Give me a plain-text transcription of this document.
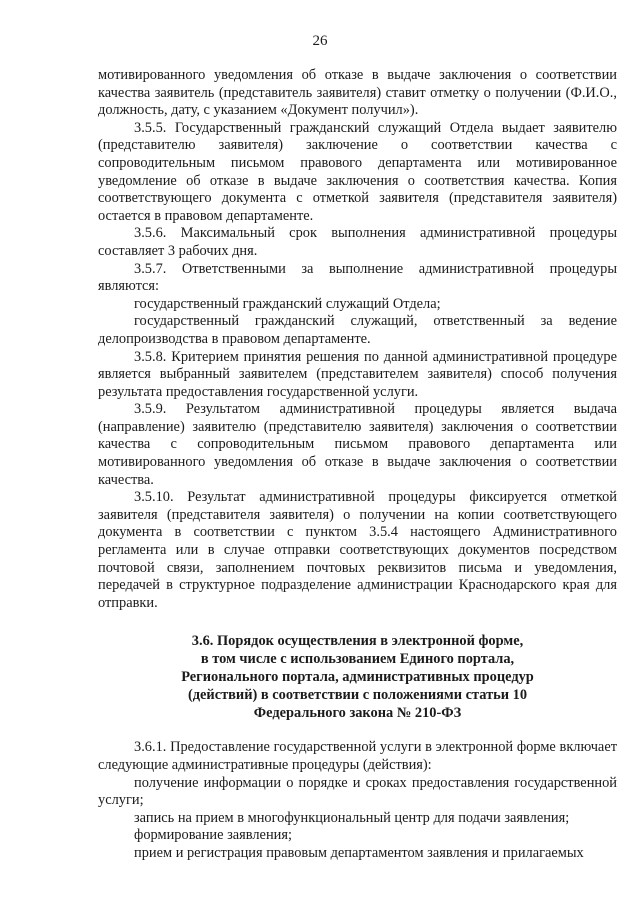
26

мотивированного уведомления об отказе в выдаче заключения о соответствии качества заявитель (представитель заявителя) ставит отметку о получении (Ф.И.О., должность, дату, с указанием «Документ получил»).

3.5.5. Государственный гражданский служащий Отдела выдает заявителю (представителю заявителя) заключение о соответствии качества с сопроводительным письмом правового департамента или мотивированное уведомление об отказе в выдаче заключения о соответствия качества. Копия соответствующего документа с отметкой заявителя (представителя заявителя) остается в правовом департаменте.

3.5.6. Максимальный срок выполнения административной процедуры составляет 3 рабочих дня.

3.5.7. Ответственными за выполнение административной процедуры являются:

государственный гражданский служащий Отдела;

государственный гражданский служащий, ответственный за ведение делопроизводства в правовом департаменте.

3.5.8. Критерием принятия решения по данной административной процедуре является выбранный заявителем (представителем заявителя) способ получения результата предоставления государственной услуги.

3.5.9. Результатом административной процедуры является выдача (направление) заявителю (представителю заявителя) заключения о соответствии качества с сопроводительным письмом правового департамента или мотивированного уведомления об отказе в выдаче заключения о соответствии качества.

3.5.10. Результат административной процедуры фиксируется отметкой заявителя (представителя заявителя) о получении на копии соответствующего документа в соответствии с пунктом 3.5.4 настоящего Административного регламента или в случае отправки соответствующих документов посредством почтовой связи, заполнением почтовых реквизитов письма и уведомления, передачей в структурное подразделение администрации Краснодарского края для отправки.

3.6. Порядок осуществления в электронной форме,
в том числе с использованием Единого портала,
Регионального портала, административных процедур
(действий) в соответствии с положениями статьи 10
Федерального закона № 210-ФЗ

3.6.1. Предоставление государственной услуги в электронной форме включает следующие административные процедуры (действия):

получение информации о порядке и сроках предоставления государственной услуги;

запись на прием в многофункциональный центр для подачи заявления;

формирование заявления;

прием и регистрация правовым департаментом заявления и прилагаемых
